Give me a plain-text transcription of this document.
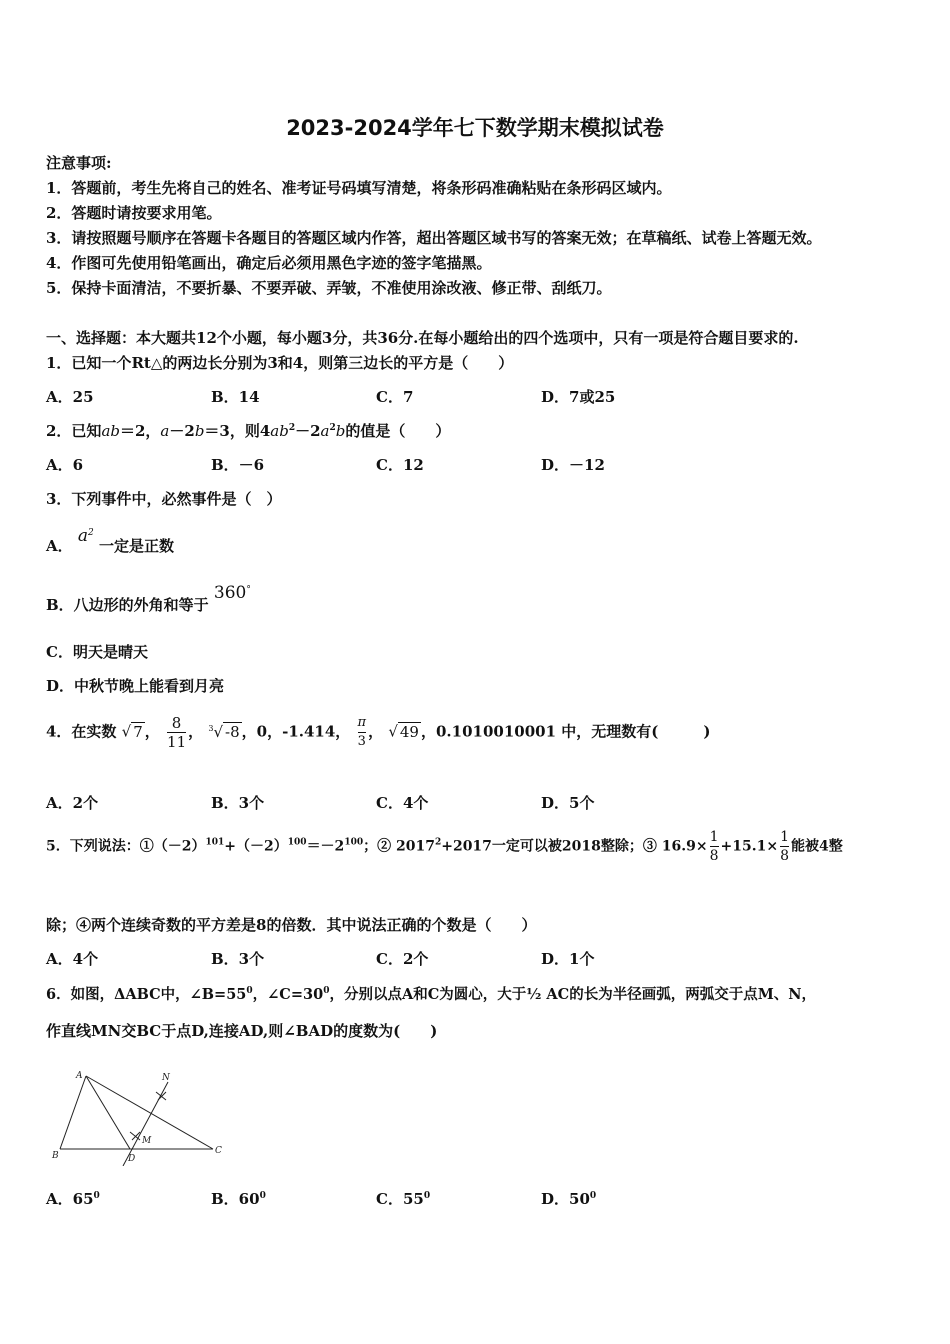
2023-2024学年七下数学期末模拟试卷
注意事项:
1．答题前，考生先将自己的姓名、准考证号码填写清楚，将条形码准确粘贴在条形码区域内。
2．答题时请按要求用笔。
3．请按照题号顺序在答题卡各题目的答题区域内作答，超出答题区域书写的答案无效；在草稿纸、试卷上答题无效。
4．作图可先使用铅笔画出，确定后必须用黑色字迹的签字笔描黑。
5．保持卡面清洁，不要折暴、不要弄破、弄皱，不准使用涂改液、修正带、刮纸刀。
一、选择题：本大题共12个小题，每小题3分，共36分.在每小题给出的四个选项中，只有一项是符合题目要求的.
1．已知一个Rt△的两边长分别为3和4，则第三边长的平方是（　　）
A．25	B．14	C．7	D．7或25
2．已知ab＝2，a－2b＝3，则$4ab^2-2a^2b$的值是（　　）
A．6	B．－6	C．12	D．－12
3．下列事件中，必然事件是（　）
A． $a^2$ 一定是正数
B．八边形的外角和等于 360°
C．明天是晴天
D．中秋节晚上能看到月亮
4．在实数 √ 7 ， $\frac{8}{11}$ ， $^3$√ -8 ，0，-1.414， $\frac{\pi}{3}$ ， √ 49 ，0.1010010001 中，无理数有(　　　)
A．2个	B．3个	C．4个	D．5个
5．下列说法：$①(-2)^{101}+(-2)^{100}=-2^{100}$；② $2017^2+2017$一定可以被2018整除；③ $16.9\times \frac{1}{8} +15.1\times \frac{1}{8}$ 能被4整
除；④两个连续奇数的平方差是8的倍数．其中说法正确的个数是（　　）
A．4个	B．3个	C．2个	D．1个
6．如图，ΔABC中，$\angle B=55^0$，$\angle C=30^0$，分别以点A和C为圆心，大于½ AC的长为半径画弧，两弧交于点M、N，
作直线MN交BC于点D,连接AD,则∠BAD的度数为(　　)
A
B	C
D
M
N
A．$65^0$	B．$60^0$	C．$55^0$	D．$50^0$
